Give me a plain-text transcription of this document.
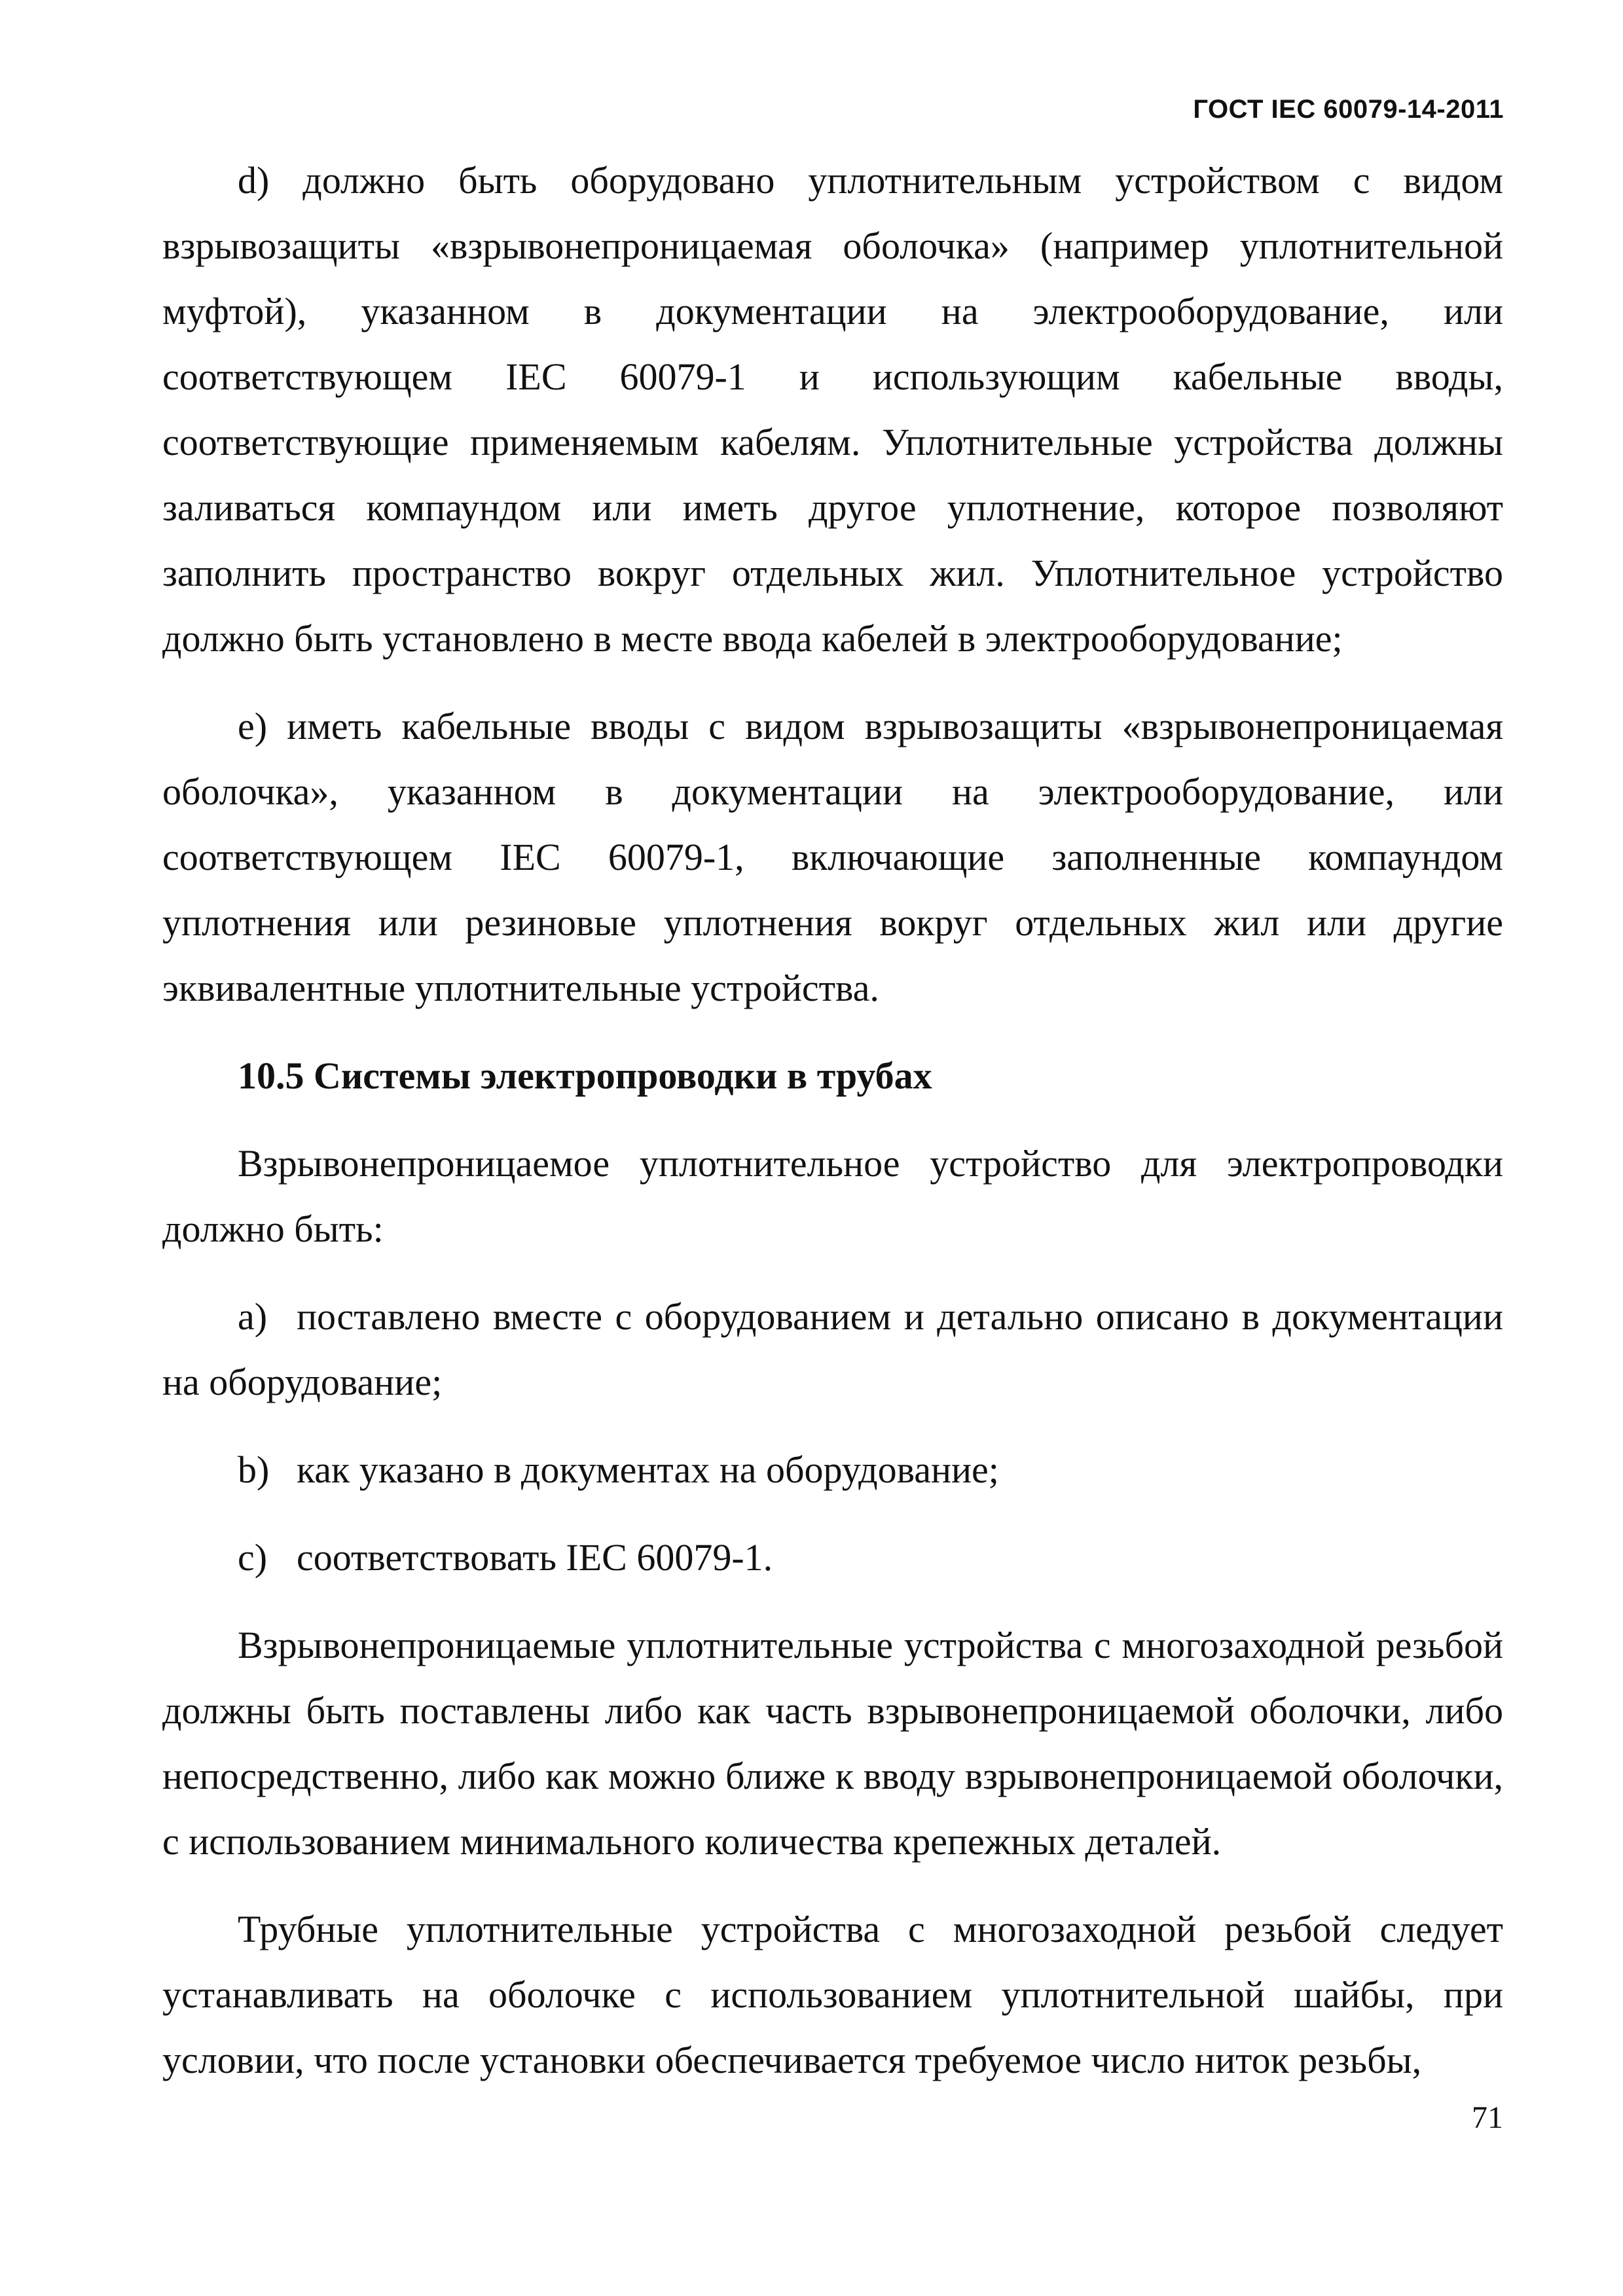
ГОСТ IEC 60079-14-2011

d) должно быть оборудовано уплотнительным устройством с видом взрывозащиты «взрывонепроницаемая оболочка» (например уплотнительной муфтой), указанном в документации на электрооборудование, или соответствующем IEC 60079-1 и использующим кабельные вводы, соответствующие применяемым кабелям. Уплотнительные устройства должны заливаться компаундом или иметь другое уплотнение, которое позволяют заполнить пространство вокруг отдельных жил. Уплотнительное устройство должно быть установлено в месте ввода кабелей в электрооборудование;

e) иметь кабельные вводы с видом взрывозащиты «взрывонепроницаемая оболочка», указанном в документации на электрооборудование, или соответствующем IEC 60079-1, включающие заполненные компаундом уплотнения или резиновые уплотнения вокруг отдельных жил или другие эквивалентные уплотнительные устройства.

10.5 Системы электропроводки в трубах

Взрывонепроницаемое уплотнительное устройство для электропроводки должно быть:

a) поставлено вместе с оборудованием и детально описано в документации на оборудование;

b) как указано в документах на оборудование;

c) соответствовать IEC 60079-1.

Взрывонепроницаемые уплотнительные устройства с многозаходной резьбой должны быть поставлены либо как часть взрывонепроницаемой оболочки, либо непосредственно, либо как можно ближе к вводу взрывонепроницаемой оболочки, с использованием минимального количества крепежных деталей.

Трубные уплотнительные устройства с многозаходной резьбой следует устанавливать на оболочке с использованием уплотнительной шайбы, при условии, что после установки обеспечивается требуемое число ниток резьбы,

71
